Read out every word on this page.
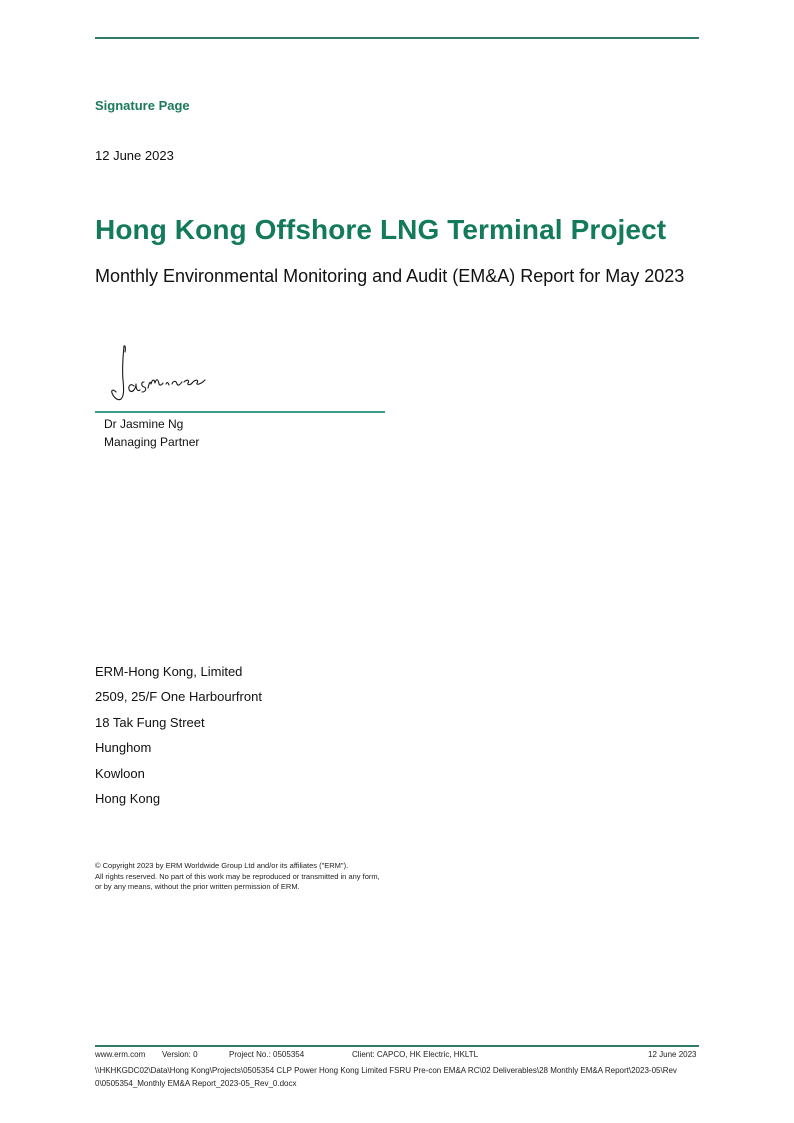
Signature Page
12 June 2023
Hong Kong Offshore LNG Terminal Project
Monthly Environmental Monitoring and Audit (EM&A) Report for May 2023
Dr Jasmine Ng
Managing Partner
ERM-Hong Kong, Limited
2509, 25/F One Harbourfront
18 Tak Fung Street
Hunghom
Kowloon
Hong Kong
© Copyright 2023 by ERM Worldwide Group Ltd and/or its affiliates ("ERM").
All rights reserved. No part of this work may be reproduced or transmitted in any form,
or by any means, without the prior written permission of ERM.
www.erm.com Version: 0	Project No.: 0505354	Client: CAPCO, HK Electric, HKLTL	12 June 2023
\\HKHKGDC02\Data\Hong Kong\Projects\0505354 CLP Power Hong Kong Limited FSRU Pre-con EM&A RC\02 Deliverables\28 Monthly EM&A Report\2023-05\Rev 0\0505354_Monthly EM&A Report_2023-05_Rev_0.docx
